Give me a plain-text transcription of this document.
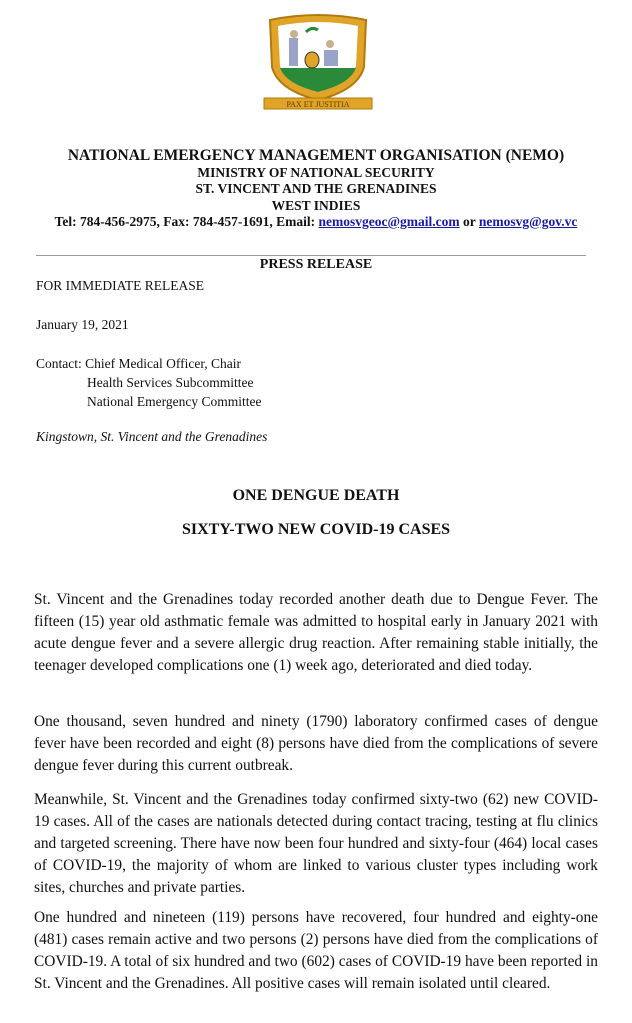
PAX ET JUSTITIA
NATIONAL EMERGENCY MANAGEMENT ORGANISATION (NEMO)
MINISTRY OF NATIONAL SECURITY
ST. VINCENT AND THE GRENADINES
WEST INDIES
Tel: 784-456-2975, Fax: 784-457-1691, Email: nemosvgeoc@gmail.com or nemosvg@gov.vc
PRESS RELEASE
FOR IMMEDIATE RELEASE
January 19, 2021
Contact: Chief Medical Officer, Chair
Health Services Subcommittee
National Emergency Committee
Kingstown, St. Vincent and the Grenadines
ONE DENGUE DEATH
SIXTY-TWO NEW COVID-19 CASES
St. Vincent and the Grenadines today recorded another death due to Dengue Fever. The fifteen (15) year old asthmatic female was admitted to hospital early in January 2021 with acute dengue fever and a severe allergic drug reaction. After remaining stable initially, the teenager developed complications one (1) week ago, deteriorated and died today.
One thousand, seven hundred and ninety (1790) laboratory confirmed cases of dengue fever have been recorded and eight (8) persons have died from the complications of severe dengue fever during this current outbreak.
Meanwhile, St. Vincent and the Grenadines today confirmed sixty-two (62) new COVID-19 cases. All of the cases are nationals detected during contact tracing, testing at flu clinics and targeted screening. There have now been four hundred and sixty-four (464) local cases of COVID-19, the majority of whom are linked to various cluster types including work sites, churches and private parties.
One hundred and nineteen (119) persons have recovered, four hundred and eighty-one (481) cases remain active and two persons (2) persons have died from the complications of COVID-19. A total of six hundred and two (602) cases of COVID-19 have been reported in St. Vincent and the Grenadines. All positive cases will remain isolated until cleared.
